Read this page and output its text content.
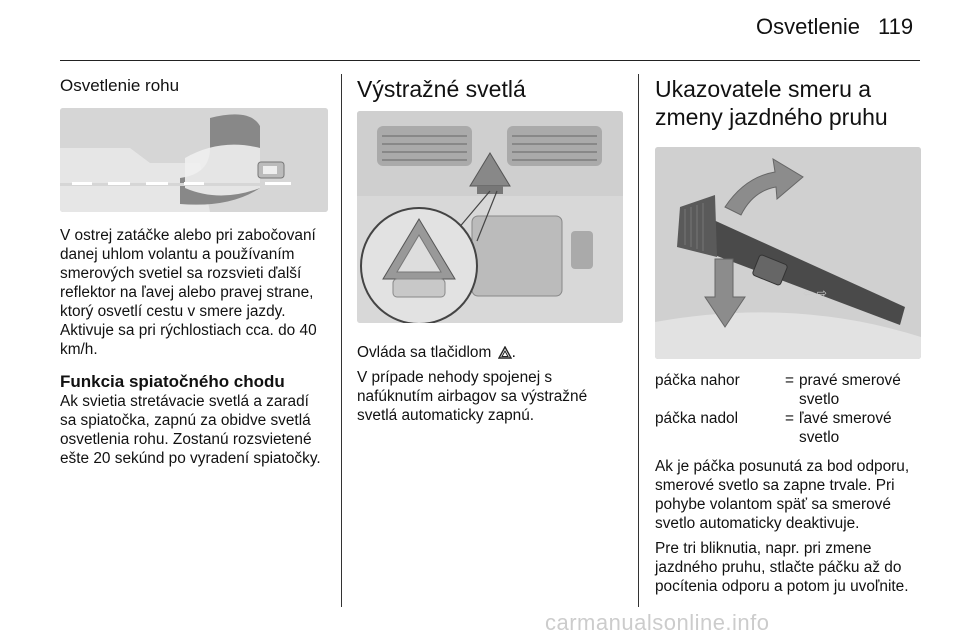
Osvetlenie 119
Osvetlenie rohu
V ostrej zatáčke alebo pri zabočovaní danej uhlom volantu a používaním smerových svetiel sa rozsvieti ďalší reflektor na ľavej alebo pravej strane, ktorý osvetlí cestu v smere jazdy. Aktivuje sa pri rýchlostiach cca. do 40 km/h.
Funkcia spiatočného chodu
Ak svietia stretávacie svetlá a zaradí sa spiatočka, zapnú za obidve svetlá osvetlenia rohu. Zostanú rozsvietené ešte 20 sekúnd po vyradení spiatočky.
Výstražné svetlá
Ovláda sa tlačidlom .
V prípade nehody spojenej s nafúknutím airbagov sa výstražné svetlá automaticky zapnú.
Ukazovatele smeru a zmeny jazdného pruhu
⇦ ⇨
páčka nahor	=	pravé smerové svetlo
páčka nadol	=	ľavé smerové svetlo
Ak je páčka posunutá za bod odporu, smerové svetlo sa zapne trvale. Pri pohybe volantom späť sa smerové svetlo automaticky deaktivuje.
Pre tri bliknutia, napr. pri zmene jazdného pruhu, stlačte páčku až do pocítenia odporu a potom ju uvoľnite.
carmanualsonline.info
